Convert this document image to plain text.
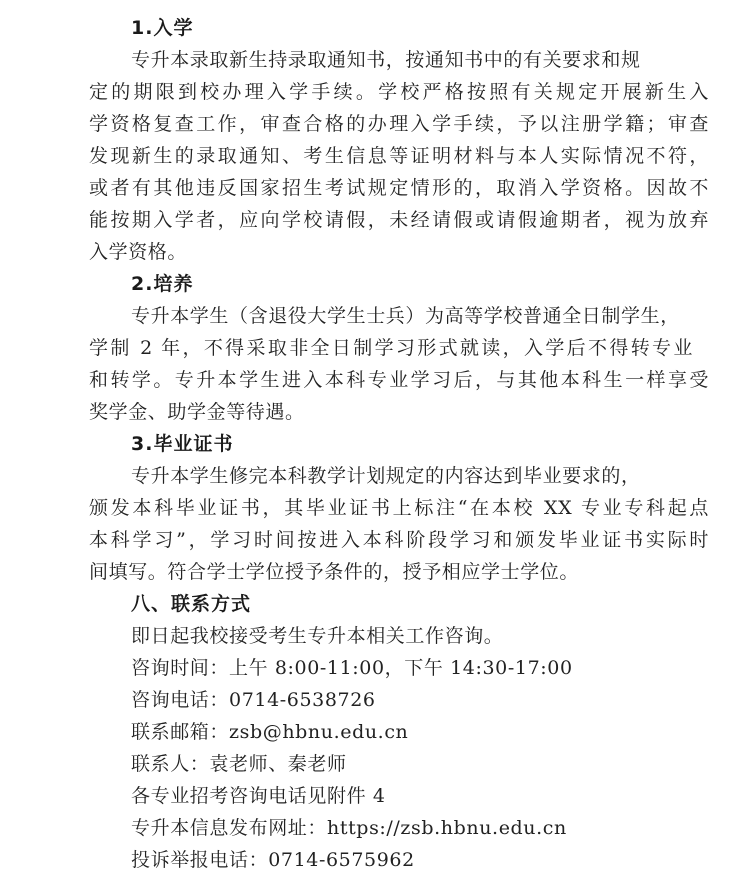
1.入学
专升本录取新生持录取通知书，按通知书中的有关要求和规
定的期限到校办理入学手续。学校严格按照有关规定开展新生入
学资格复查工作，审查合格的办理入学手续，予以注册学籍；审查
发现新生的录取通知、考生信息等证明材料与本人实际情况不符，
或者有其他违反国家招生考试规定情形的，取消入学资格。因故不
能按期入学者，应向学校请假，未经请假或请假逾期者，视为放弃
入学资格。
2.培养
专升本学生（含退役大学生士兵）为高等学校普通全日制学生，
学制 2 年，不得采取非全日制学习形式就读，入学后不得转专业
和转学。专升本学生进入本科专业学习后，与其他本科生一样享受
奖学金、助学金等待遇。
3.毕业证书
专升本学生修完本科教学计划规定的内容达到毕业要求的，
颁发本科毕业证书，其毕业证书上标注“在本校 XX 专业专科起点
本科学习”，学习时间按进入本科阶段学习和颁发毕业证书实际时
间填写。符合学士学位授予条件的，授予相应学士学位。
八、联系方式
即日起我校接受考生专升本相关工作咨询。
咨询时间：上午 8:00-11:00，下午 14:30-17:00
咨询电话：0714-6538726
联系邮箱：zsb@hbnu.edu.cn
联系人：袁老师、秦老师
各专业招考咨询电话见附件 4
专升本信息发布网址：https://zsb.hbnu.edu.cn
投诉举报电话：0714-6575962
